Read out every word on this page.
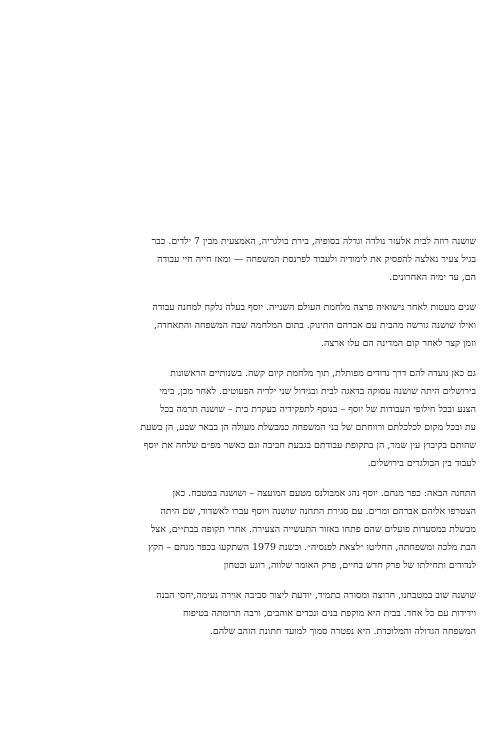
שושנה רוזה לבית אלעזר נולדה וגדלה בסופיה, בירת בולגריה, האמצעית מבין 7 ילדים. כבר
בגיל צעיר נאלצה להפסיק את לימודיה ולעבוד לפרנסת המשפחה — ומאז חייה חיי עבודה
הם, עד ימיה האחרונים.

שנים מעטות לאחר נישואיה פרצה מלחמת העולם השנייה. יוסף בעלה נלקח למחנה עבודה
ואילו שושנה גורשה מהבית עם אברהם התינוק. בתום המלחמה שבה המשפחה והתאחדה,
וזמן קצר לאחר קום המדינה הם עלו ארצה.

גם כאן נועדה להם דרך נדודים מפותלת, תוך מלחמת קיום קשה. בשנותיים הראשונות
בירושלים היתה שושנה עסוקה בדאגה לבית ובגידול שני ילדיה הפעוטים. לאחר מכן, בימי
הצנע ובכל חילופי העבודות של יוסף – בנוסף לתפקידיה כעקרת בית – שושנה תרמה בכל
עת ובכל מקום לכלכלתם ורווחתם של בני המשפחה כמבשלת מעולה הן בבאר שבע, הן בשעת
שהותם בקיבוץ עין שמר, הן בתקופת עבודתם בגבעת חביבה וגם כאשר מפ״ם שלחה את יוסף
לעבוד בין הבולגרים בירושלים.

התחנה הבאה: כפר מנחם. יוסף נהג אמבולנס מטעם המועצה – ושושנה במטבח. כאן
הצטרפו אליהם אברהם ומרים. עם סגירת התחנה שושנה ויוסף עברו לאשדוד, שם היתה
מבשלת במסעדות פועלים שהם פתחו באזור התעשייה הצעירה. אחרי תקופה בבת״ים, אצל
הבת מלכה ומשפחתה, החליטו ״לצאת לפנסיה״. וכשנת 1979 השתקעו בכפר מנחם – הקץ
לנדודים ותחילתו של פרק חדש בחיים, פרק האומר שלווה, רוגע ובטחון

שושנה שוב במטבחנו, חרוצה ומסורה כתמיד, יודעת ליצור סביבה אוירה נעימה,יחסי הבנה
וידידות עם כל אחד. בבית היא מוקפת בנים ונכדים אוהבים, ורבה תרומתה בטיפוח
המשפחה הגדולה והמלוכדת. היא נפטרה סמוך למועד חתונת הזהב שלהם.
